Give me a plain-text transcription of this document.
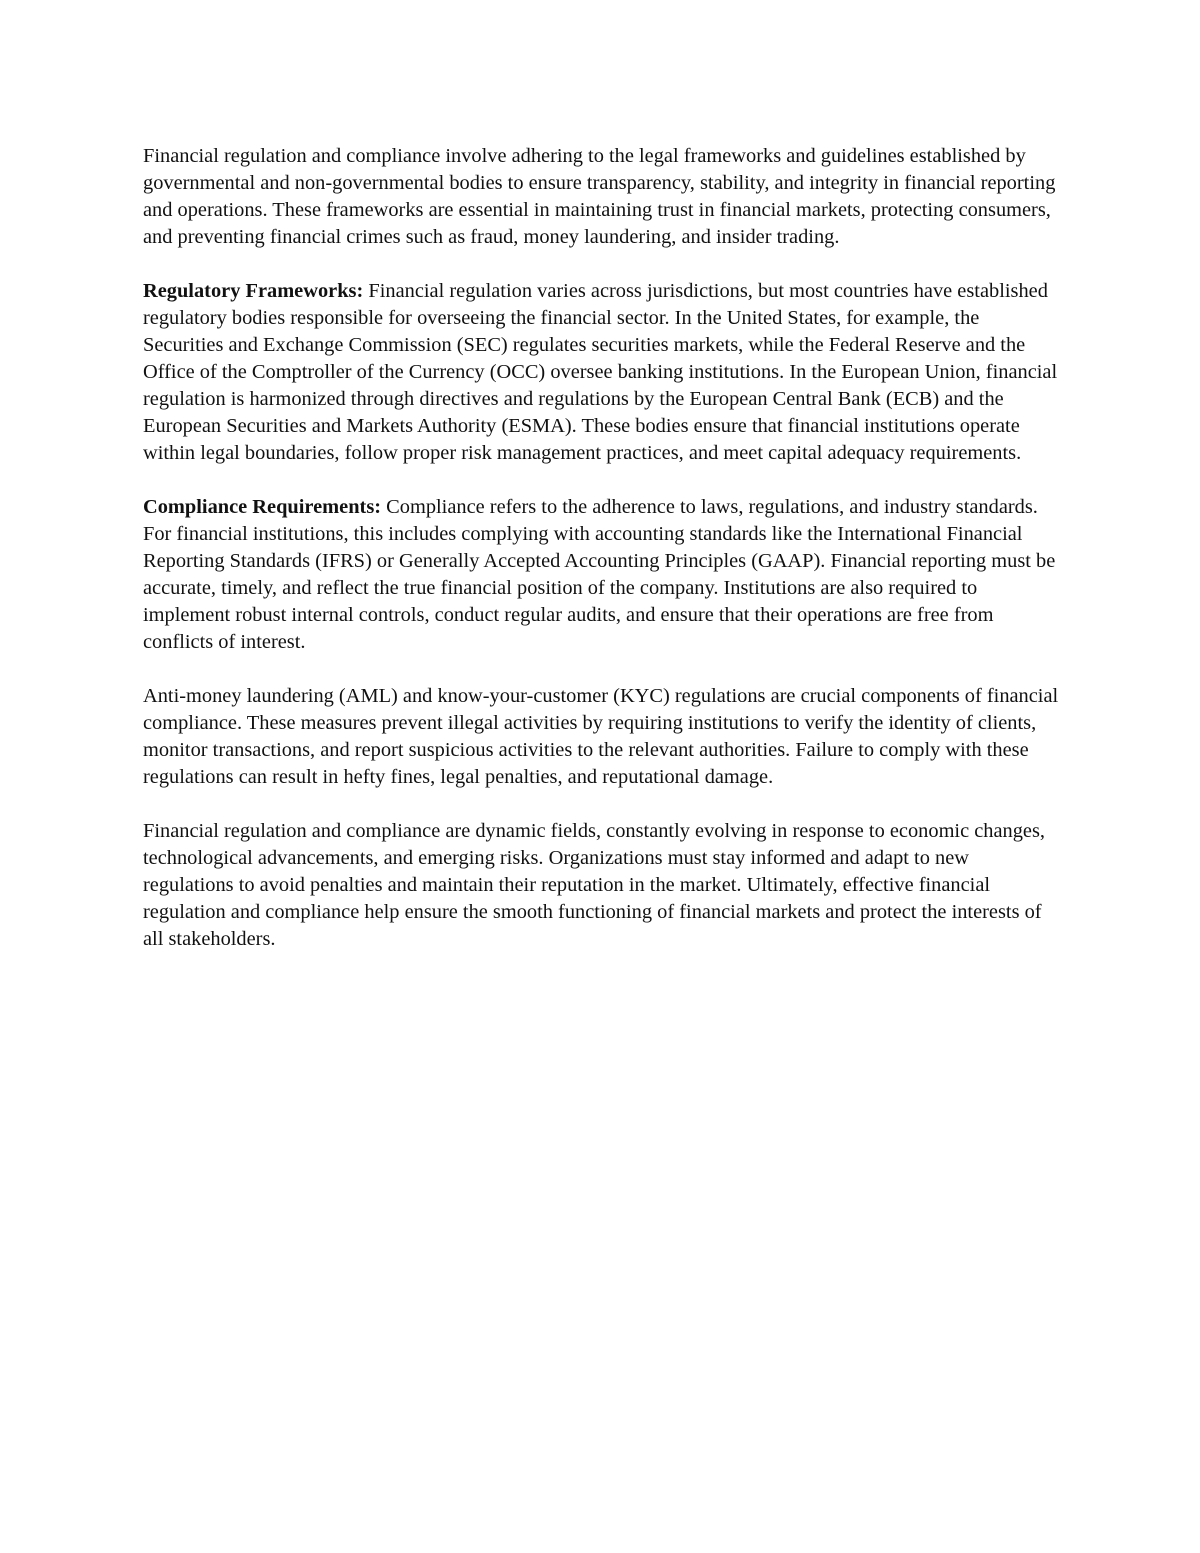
Financial regulation and compliance involve adhering to the legal frameworks and guidelines established by governmental and non-governmental bodies to ensure transparency, stability, and integrity in financial reporting and operations. These frameworks are essential in maintaining trust in financial markets, protecting consumers, and preventing financial crimes such as fraud, money laundering, and insider trading.

Regulatory Frameworks: Financial regulation varies across jurisdictions, but most countries have established regulatory bodies responsible for overseeing the financial sector. In the United States, for example, the Securities and Exchange Commission (SEC) regulates securities markets, while the Federal Reserve and the Office of the Comptroller of the Currency (OCC) oversee banking institutions. In the European Union, financial regulation is harmonized through directives and regulations by the European Central Bank (ECB) and the European Securities and Markets Authority (ESMA). These bodies ensure that financial institutions operate within legal boundaries, follow proper risk management practices, and meet capital adequacy requirements.

Compliance Requirements: Compliance refers to the adherence to laws, regulations, and industry standards. For financial institutions, this includes complying with accounting standards like the International Financial Reporting Standards (IFRS) or Generally Accepted Accounting Principles (GAAP). Financial reporting must be accurate, timely, and reflect the true financial position of the company. Institutions are also required to implement robust internal controls, conduct regular audits, and ensure that their operations are free from conflicts of interest.

Anti-money laundering (AML) and know-your-customer (KYC) regulations are crucial components of financial compliance. These measures prevent illegal activities by requiring institutions to verify the identity of clients, monitor transactions, and report suspicious activities to the relevant authorities. Failure to comply with these regulations can result in hefty fines, legal penalties, and reputational damage.

Financial regulation and compliance are dynamic fields, constantly evolving in response to economic changes, technological advancements, and emerging risks. Organizations must stay informed and adapt to new regulations to avoid penalties and maintain their reputation in the market. Ultimately, effective financial regulation and compliance help ensure the smooth functioning of financial markets and protect the interests of all stakeholders.
